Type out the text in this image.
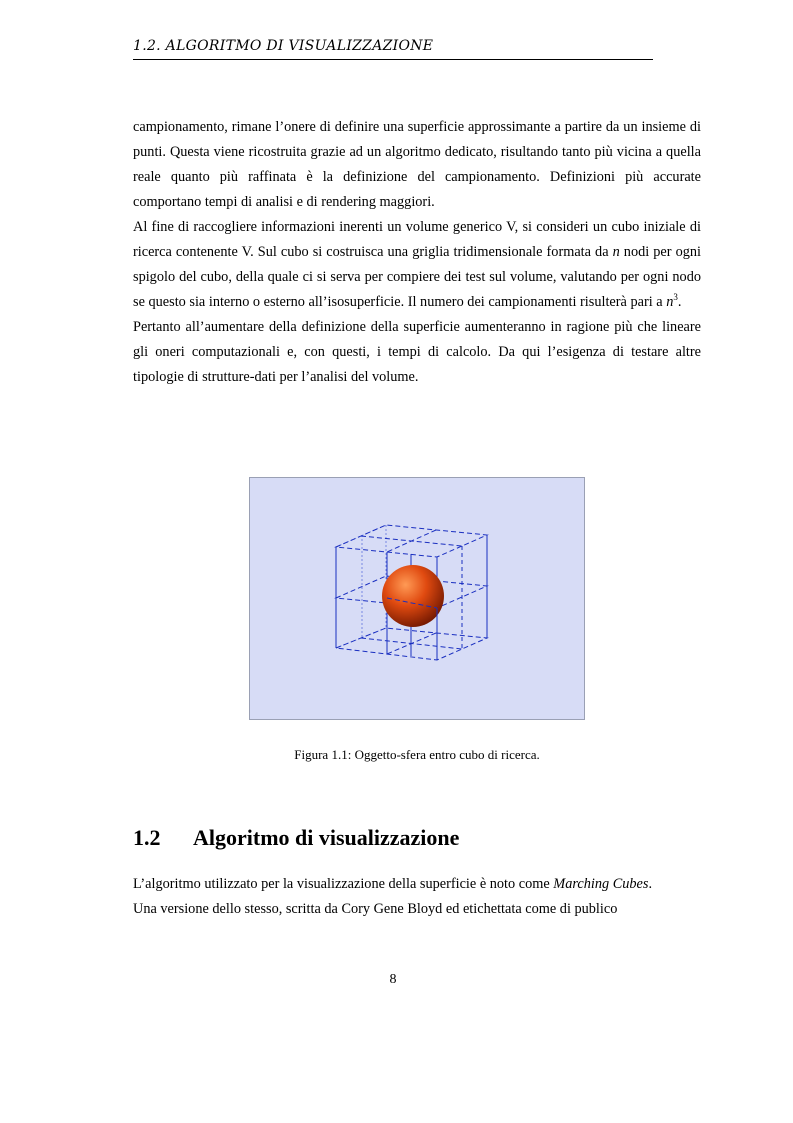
1.2. ALGORITMO DI VISUALIZZAZIONE

campionamento, rimane l’onere di definire una superficie approssimante a partire da un insieme di punti. Questa viene ricostruita grazie ad un algoritmo dedicato, risultando tanto più vicina a quella reale quanto più raffinata è la definizione del campionamento. Definizioni più accurate comportano tempi di analisi e di rendering maggiori.

Al fine di raccogliere informazioni inerenti un volume generico V, si consideri un cubo iniziale di ricerca contenente V. Sul cubo si costruisca una griglia tridimensionale formata da n nodi per ogni spigolo del cubo, della quale ci si serva per compiere dei test sul volume, valutando per ogni nodo se questo sia interno o esterno all’isosuperficie. Il numero dei campionamenti risulterà pari a $n^3$.

Pertanto all’aumentare della definizione della superficie aumenteranno in ragione più che lineare gli oneri computazionali e, con questi, i tempi di calcolo. Da qui l’esigenza di testare altre tipologie di strutture-dati per l’analisi del volume.

Figura 1.1: Oggetto-sfera entro cubo di ricerca.
1.2 Algoritmo di visualizzazione

L’algoritmo utilizzato per la visualizzazione della superficie è noto come Marching Cubes.

Una versione dello stesso, scritta da Cory Gene Bloyd ed etichettata come di publico

8
